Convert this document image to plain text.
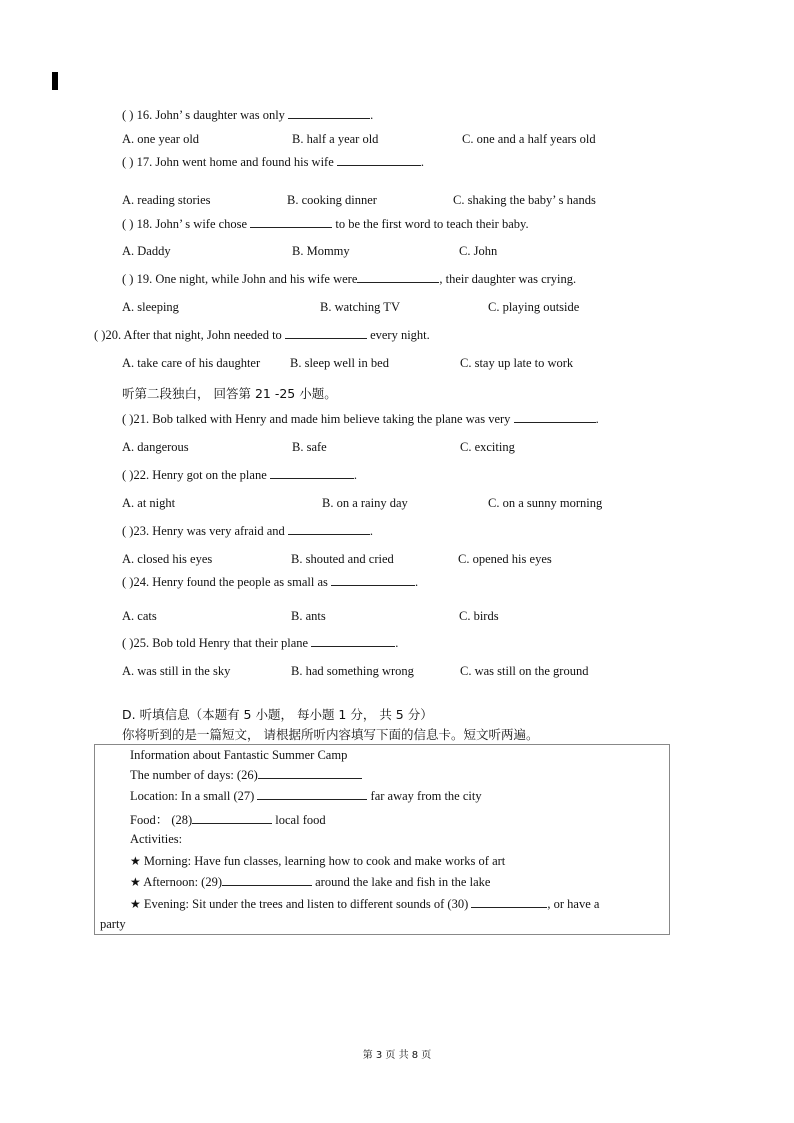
( ) 16. John’ s daughter was only	.
A. one year old	B. half a year old	C. one and a half years old
( ) 17. John went home and found his wife	.
A. reading stories	B. cooking dinner	C. shaking the baby’ s hands
( ) 18. John’ s wife chose	to be the first word to teach their baby.
A. Daddy	B. Mommy	C. John
( ) 19. One night, while John and his wife were	, their daughter was crying.
A. sleeping	B. watching TV	C. playing outside
( )20. After that night, John needed to	every night.
A. take care of his daughter B. sleep well in bed	C. stay up late to work
听第二段独白， 回答第 21 -25 小题。
( )21. Bob talked with Henry and made him believe taking the plane was very	.
A. dangerous	B. safe	C. exciting
( )22. Henry got on the plane	.
A. at night	B. on a rainy day	C. on a sunny morning
( )23. Henry was very afraid and	.
A. closed his eyes	B. shouted and cried	C. opened his eyes
( )24. Henry found the people as small as	.
A. cats	B. ants	C. birds
( )25. Bob told Henry that their plane	.
A. was still in the sky	B. had something wrong	C. was still on the ground
D. 听填信息（本题有 5 小题， 每小题 1 分， 共 5 分）
你将听到的是一篇短文， 请根据所听内容填写下面的信息卡。短文听两遍。
Information about Fantastic Summer Camp
The number of days: (26)
Location: In a small (27)	far away from the city
Food： (28)	local food
Activities:
★ Morning: Have fun classes, learning how to cook and make works of art
★ Afternoon: (29)	around the lake and fish in the lake
★ Evening: Sit under the trees and listen to different sounds of (30)	, or have a
party
第 3 页 共 8 页
